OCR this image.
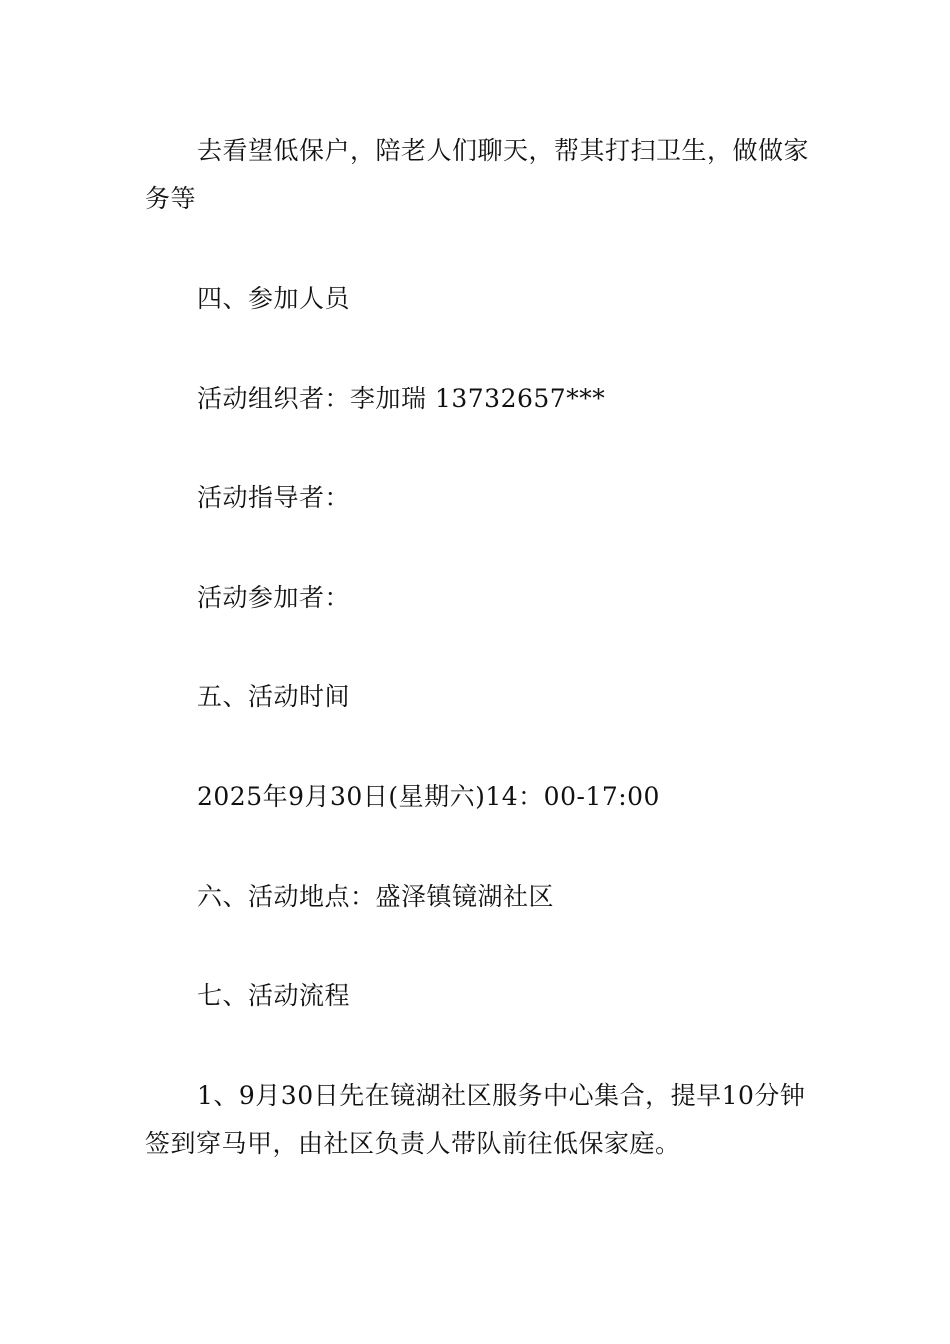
去看望低保户，陪老人们聊天，帮其打扫卫生，做做家务等

四、参加人员

活动组织者：李加瑞 13732657***

活动指导者：

活动参加者：

五、活动时间

2025年9月30日(星期六)14：00-17:00

六、活动地点：盛泽镇镜湖社区

七、活动流程

1、9月30日先在镜湖社区服务中心集合，提早10分钟签到穿马甲，由社区负责人带队前往低保家庭。
